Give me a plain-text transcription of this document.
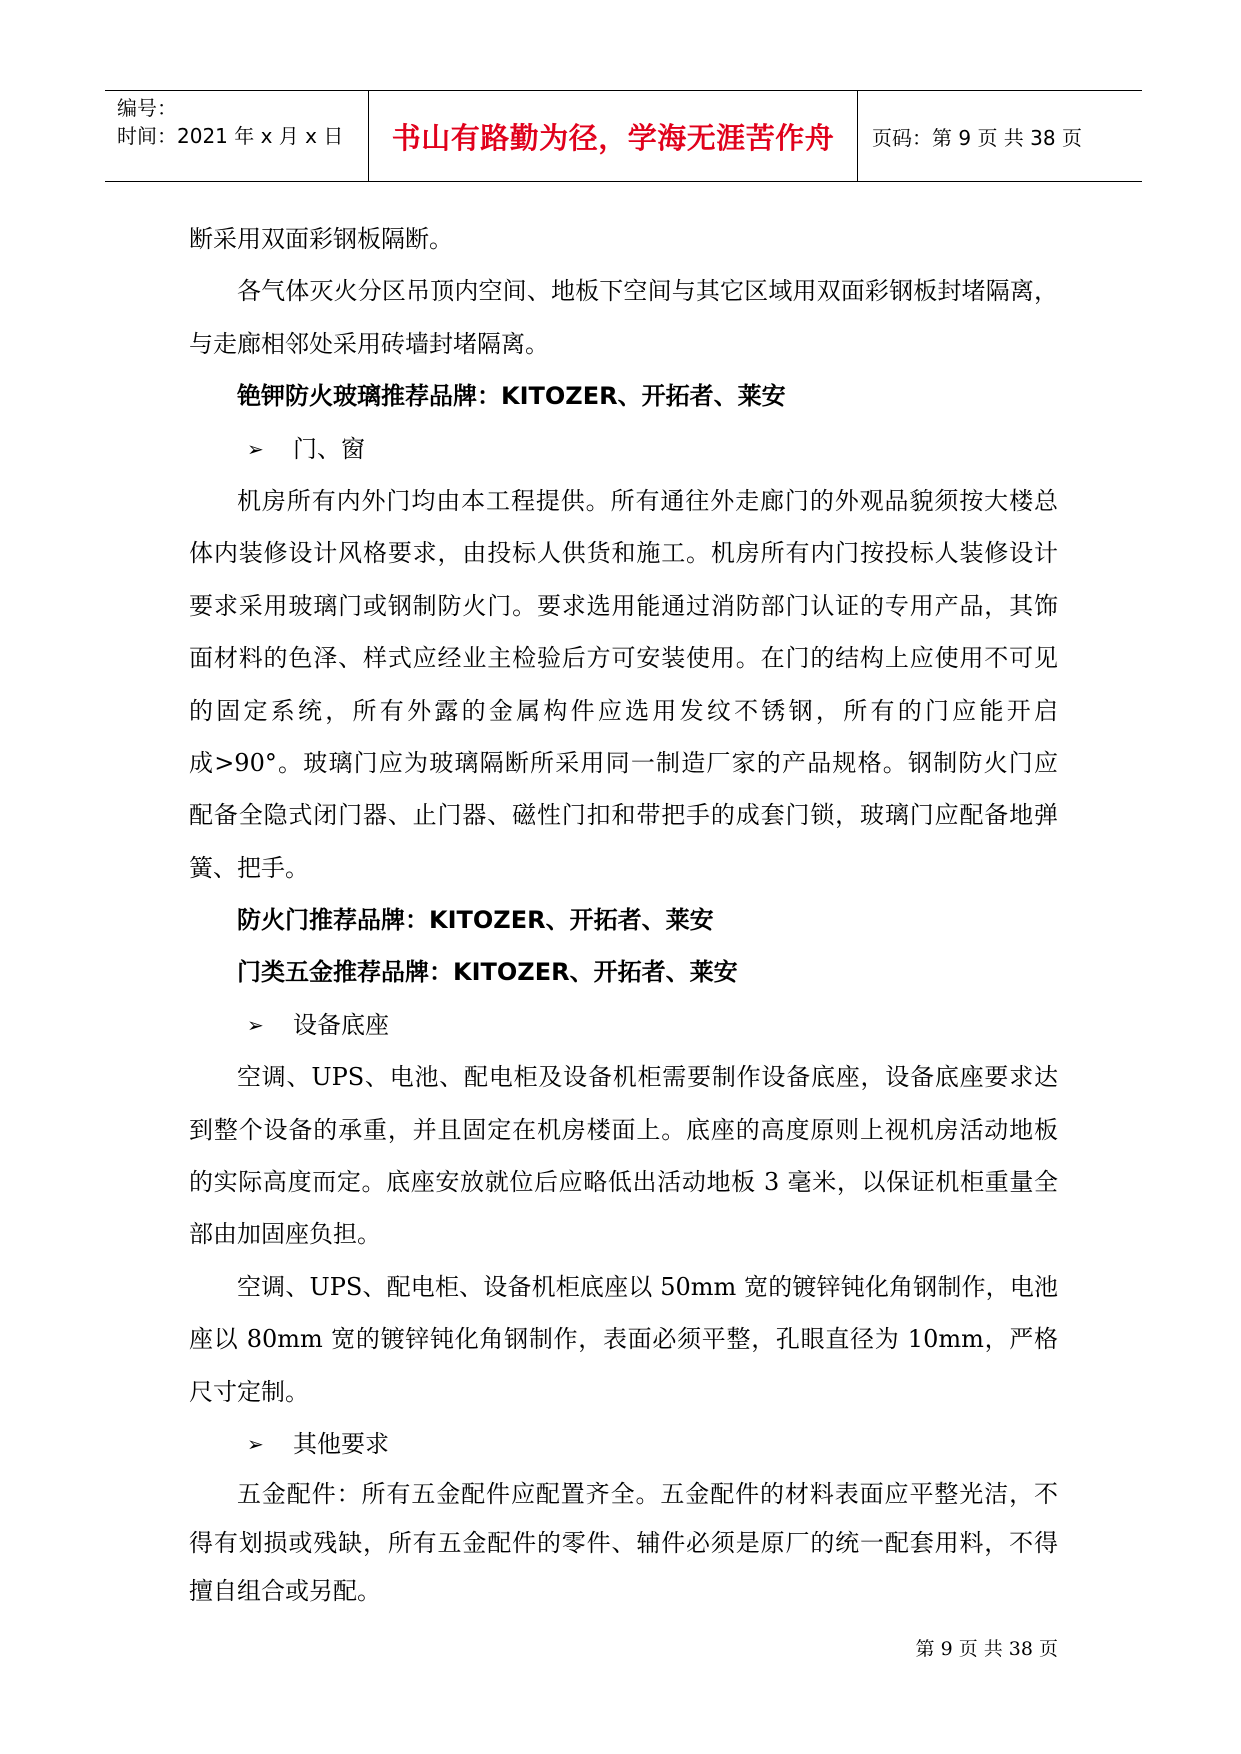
编号：
时间：2021 年 x 月 x 日	书山有路勤为径，学海无涯苦作舟	页码：第 9 页 共 38 页
断采用双面彩钢板隔断。
各气体灭火分区吊顶内空间、地板下空间与其它区域用双面彩钢板封堵隔离，
与走廊相邻处采用砖墙封堵隔离。
铯钾防火玻璃推荐品牌：KITOZER、开拓者、莱安
➢ 门、窗
机房所有内外门均由本工程提供。所有通往外走廊门的外观品貌须按大楼总
体内装修设计风格要求，由投标人供货和施工。机房所有内门按投标人装修设计
要求采用玻璃门或钢制防火门。要求选用能通过消防部门认证的专用产品，其饰
面材料的色泽、样式应经业主检验后方可安装使用。在门的结构上应使用不可见
的固定系统，所有外露的金属构件应选用发纹不锈钢，所有的门应能开启
成>90°。玻璃门应为玻璃隔断所采用同一制造厂家的产品规格。钢制防火门应
配备全隐式闭门器、止门器、磁性门扣和带把手的成套门锁，玻璃门应配备地弹
簧、把手。
防火门推荐品牌：KITOZER、开拓者、莱安
门类五金推荐品牌：KITOZER、开拓者、莱安
➢ 设备底座
空调、UPS、电池、配电柜及设备机柜需要制作设备底座，设备底座要求达
到整个设备的承重，并且固定在机房楼面上。底座的高度原则上视机房活动地板
的实际高度而定。底座安放就位后应略低出活动地板 3 毫米，以保证机柜重量全
部由加固座负担。
空调、UPS、配电柜、设备机柜底座以 50mm 宽的镀锌钝化角钢制作，电池
座以 80mm 宽的镀锌钝化角钢制作，表面必须平整，孔眼直径为 10mm，严格
尺寸定制。
➢ 其他要求
五金配件：所有五金配件应配置齐全。五金配件的材料表面应平整光洁，不
得有划损或残缺，所有五金配件的零件、辅件必须是原厂的统一配套用料，不得
擅自组合或另配。
第 9 页 共 38 页
